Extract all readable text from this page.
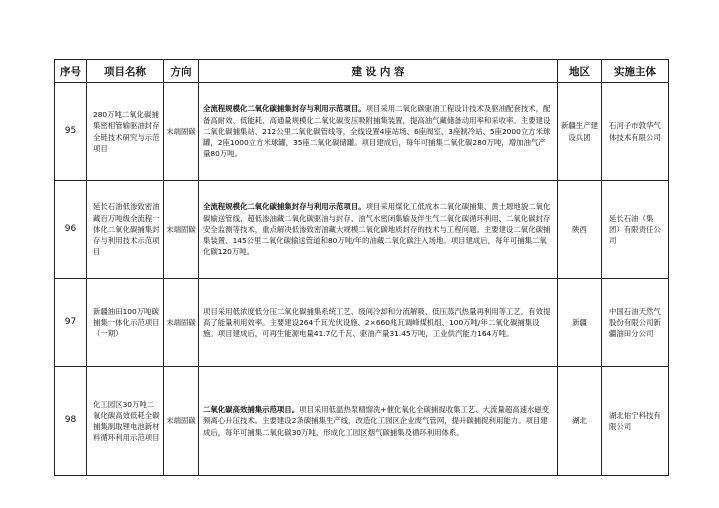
序号	项目名称	方向	建 设 内 容	地区	实施主体
95	280万吨二氧化碳捕集密相管输驱油封存全链技术研究与示范项目	末端固碳	全流程规模化二氧化碳捕集封存与利用示范项目。项目采用二氧化碳驱油工程设计技术及驱油配套技术，配备高耐效、低能耗、高通量规模化二氧化碳变压吸附捕集装置，提高油气藏储备动用率和采收率。主要建设二氧化碳捕集站、212公里二氧化碳管线等，全线设置4座站场、6座阀室、3座制冷站、5座2000立方米球罐，2座1000立方米球罐，35座二氧化碳储罐。项目建成后，每年可捕集二氧化碳280万吨，增加油气产量80万吨。	新疆生产建设兵团	石河子市敦华气体技术有限公司
96	延长石油低渗致密油藏百万吨级全流程一体化二氧化碳捕集封存与利用技术示范项目	末端固碳	全流程规模化二氧化碳捕集封存与利用示范项目。项目采用煤化工低成本二氧化碳捕集、黄土塬地貌二氧化碳输送管线、超低渗油藏二氧化碳驱油与封存、油气水密闭集输及伴生气二氧化碳循环利用、二氧化碳封存安全监测等技术，重点解决低渗致密油藏大规模二氧化碳地质封存的技术与工程问题。主要建设二氧化碳捕集装置、145公里二氧化碳输送管道和80万吨/年的油藏二氧化碳注入场地。项目建成后，每年可捕集二氧化碳120万吨。	陕西	延长石油（集团）有限责任公司
97	新疆油田100万吨碳捕集一体化示范项目（一期）	末端固碳	项目采用低浓度低分压二氧化碳捕集系统工艺、级间冷却和分流解吸、低压蒸汽热量再利用等工艺，有效提高了能量利用效率。主要建设264千瓦光伏设施、2×660兆瓦调峰煤机组、100万吨/年二氧化碳捕集设施。项目建成后，可再生能源电量41.7亿千瓦、驱油产量31.45万吨，工业供汽能力164万吨。	新疆	中国石油天然气股份有限公司新疆油田分公司
98	化工园区30万吨二氧化碳高效低耗全碳捕集制取锂电池新材料循环利用示范项目	末端固碳	二氧化碳高效捕集示范项目。项目采用低温热泵精馏洗+催化氧化全碳捕捉收集工艺、大流量超高速水磁变频离心升压技术。主要建设2条碳捕集生产线，改造化工园区企业废气管网，提升碳捕捉利用能力。项目建成后，每年可捕集二氧化碳30万吨，形成化工园区烟气碳捕集及循环利用体系。	湖北	湖北佑宁科技有限公司
